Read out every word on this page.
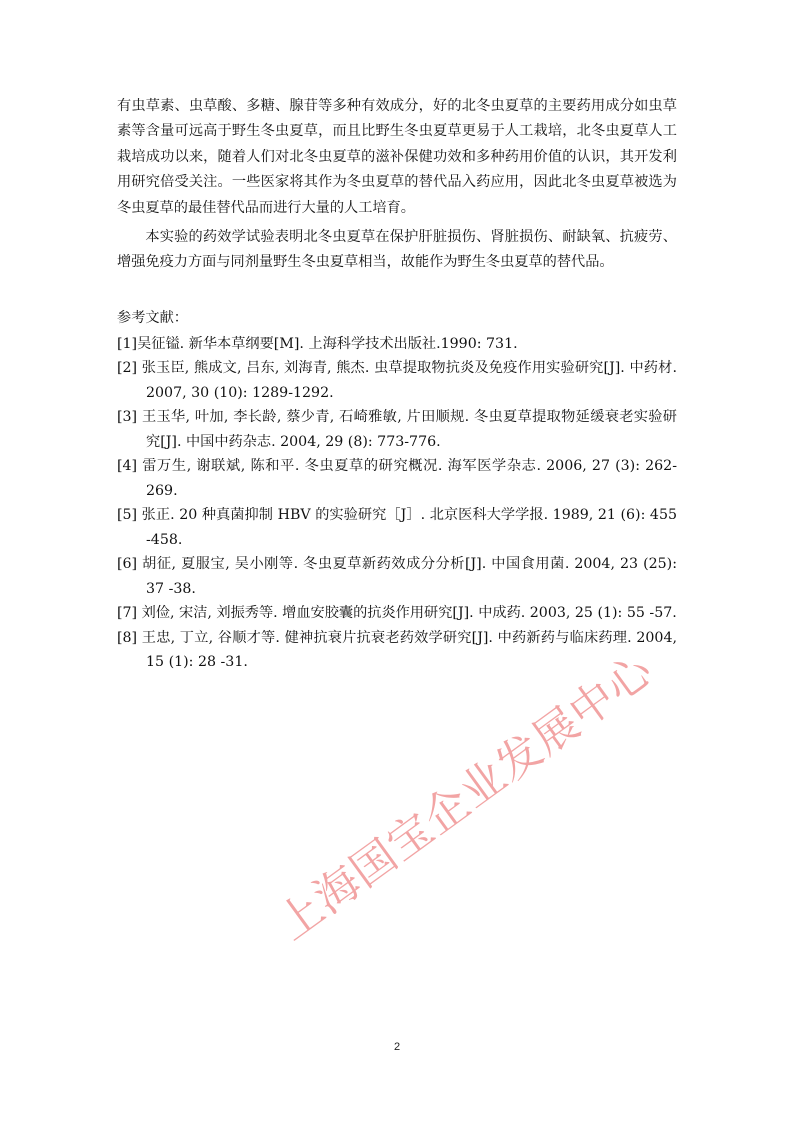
有虫草素、虫草酸、多糖、腺苷等多种有效成分，好的北冬虫夏草的主要药用成分如虫草素等含量可远高于野生冬虫夏草，而且比野生冬虫夏草更易于人工栽培，北冬虫夏草人工栽培成功以来，随着人们对北冬虫夏草的滋补保健功效和多种药用价值的认识，其开发利用研究倍受关注。一些医家将其作为冬虫夏草的替代品入药应用，因此北冬虫夏草被选为冬虫夏草的最佳替代品而进行大量的人工培育。

本实验的药效学试验表明北冬虫夏草在保护肝脏损伤、肾脏损伤、耐缺氧、抗疲劳、增强免疫力方面与同剂量野生冬虫夏草相当，故能作为野生冬虫夏草的替代品。

参考文献：

[1]吴征镒. 新华本草纲要[M]. 上海科学技术出版社.1990: 731.
[2] 张玉臣, 熊成文, 吕东, 刘海青, 熊杰. 虫草提取物抗炎及免疫作用实验研究[J]. 中药材. 2007, 30 (10): 1289-1292.
[3] 王玉华, 叶加, 李长龄, 蔡少青, 石崎雅敏, 片田顺规. 冬虫夏草提取物延缓衰老实验研究[J]. 中国中药杂志. 2004, 29 (8): 773-776.
[4] 雷万生, 谢联斌, 陈和平. 冬虫夏草的研究概况. 海军医学杂志. 2006, 27 (3): 262-269.
[5] 张正. 20 种真菌抑制 HBV 的实验研究［J］. 北京医科大学学报. 1989, 21 (6): 455 -458.
[6] 胡征, 夏服宝, 吴小刚等. 冬虫夏草新药效成分分析[J]. 中国食用菌. 2004, 23 (25): 37 -38.
[7] 刘俭, 宋洁, 刘振秀等. 增血安胶囊的抗炎作用研究[J]. 中成药. 2003, 25 (1): 55 -57.
[8] 王忠, 丁立, 谷顺才等. 健神抗衰片抗衰老药效学研究[J]. 中药新药与临床药理. 2004, 15 (1): 28 -31. 上海国宝企业发展中心
2
